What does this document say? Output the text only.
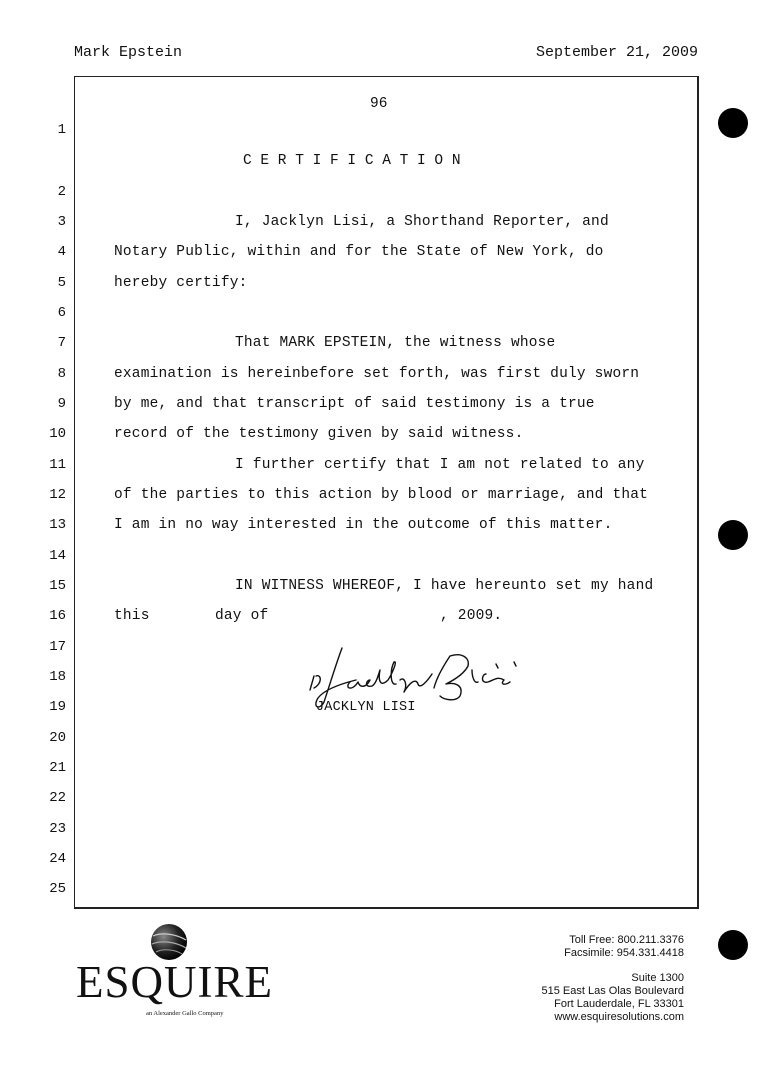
Mark Epstein	September 21, 2009
96
1
2
3
4
5
6
7
8
9
10
11
12
13
14
15
16
17
18
19
20
21
22
23
24
25
C E R T I F I C A T I O N
I, Jacklyn Lisi, a Shorthand Reporter, and
Notary Public, within and for the State of New York, do
hereby certify:
That MARK EPSTEIN, the witness whose
examination is hereinbefore set forth, was first duly sworn
by me, and that transcript of said testimony is a true
record of the testimony given by said witness.
I further certify that I am not related to any
of the parties to this action by blood or marriage, and that
I am in no way interested in the outcome of this matter.
IN WITNESS WHEREOF, I have hereunto set my hand
this	day of	, 2009.
JACKLYN LISI
ESQUIRE
an Alexander Gallo Company
Toll Free: 800.211.3376
Facsimile: 954.331.4418
Suite 1300
515 East Las Olas Boulevard
Fort Lauderdale, FL 33301
www.esquiresolutions.com
